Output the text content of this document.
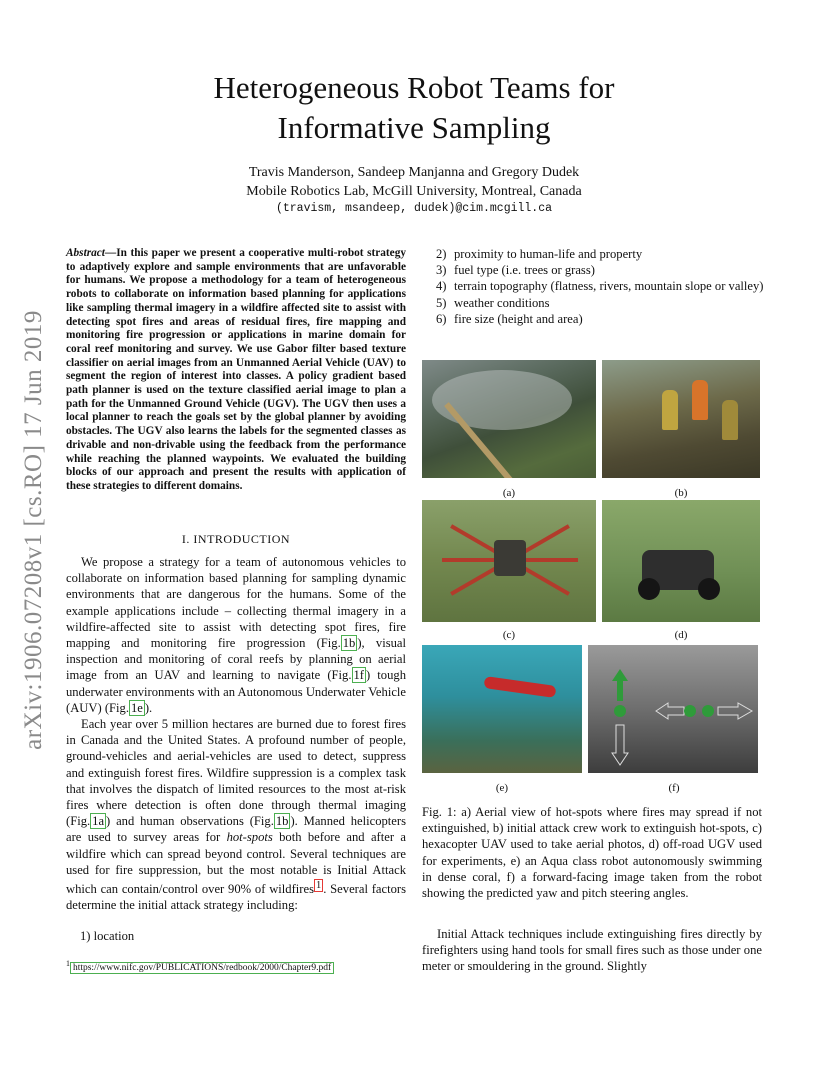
arXiv:1906.07208v1 [cs.RO] 17 Jun 2019
Heterogeneous Robot Teams for
Informative Sampling
Travis Manderson, Sandeep Manjanna and Gregory Dudek
Mobile Robotics Lab, McGill University, Montreal, Canada
(travism, msandeep, dudek)@cim.mcgill.ca
Abstract—In this paper we present a cooperative multi-robot strategy to adaptively explore and sample environments that are unfavorable for humans. We propose a methodology for a team of heterogeneous robots to collaborate on information based planning for applications like sampling thermal imagery in a wildfire affected site to assist with detecting spot fires and areas of residual fires, fire mapping and monitoring fire progression or applications in marine domain for coral reef monitoring and survey. We use Gabor filter based texture classifier on aerial images from an Unmanned Aerial Vehicle (UAV) to segment the region of interest into classes. A policy gradient based path planner is used on the texture classified aerial image to plan a path for the Unmanned Ground Vehicle (UGV). The UGV then uses a local planner to reach the goals set by the global planner by avoiding obstacles. The UGV also learns the labels for the segmented classes as drivable and non-drivable using the feedback from the performance while reaching the planned waypoints. We evaluated the building blocks of our approach and present the results with application of these strategies to different domains.
I. INTRODUCTION

We propose a strategy for a team of autonomous vehicles to collaborate on information based planning for sampling dynamic environments that are dangerous for the humans. Some of the example applications include – collecting thermal imagery in a wildfire-affected site to assist with detecting spot fires, fire mapping and monitoring fire progression (Fig. 1b ), visual inspection and monitoring of coral reefs by planning on aerial image from an UAV and learning to navigate (Fig. 1f ) tough underwater environments with an Autonomous Underwater Vehicle (AUV) (Fig. 1e ).

Each year over 5 million hectares are burned due to forest fires in Canada and the United States. A profound number of people, ground-vehicles and aerial-vehicles are used to detect, suppress and extinguish forest fires. Wildfire suppression is a complex task that involves the dispatch of limited resources to the most at-risk fires where detection is often done through thermal imaging (Fig. 1a ) and human observations (Fig. 1b ). Manned helicopters are used to survey areas for hot-spots both before and after a wildfire which can spread beyond control. Several techniques are used for fire suppression, but the most notable is Initial Attack which can contain/control over 90% of wildfires $^1$ . Several factors determine the initial attack strategy including:

1) location
$^1$ https://www.nifc.gov/PUBLICATIONS/redbook/2000/Chapter9.pdf
2) proximity to human-life and property
3) fuel type (i.e. trees or grass)
4) terrain topography (flatness, rivers, mountain slope or valley)
5) weather conditions
6) fire size (height and area)
(a)	(b)
(c)	(d)
(e)	(f)
Fig. 1: a) Aerial view of hot-spots where fires may spread if not extinguished, b) initial attack crew work to extinguish hot-spots, c) hexacopter UAV used to take aerial photos, d) off-road UGV used for experiments, e) an Aqua class robot autonomously swimming in dense coral, f) a forward-facing image taken from the robot showing the predicted yaw and pitch steering angles.

Initial Attack techniques include extinguishing fires directly by firefighters using hand tools for small fires such as those under one meter or smouldering in the ground. Slightly
